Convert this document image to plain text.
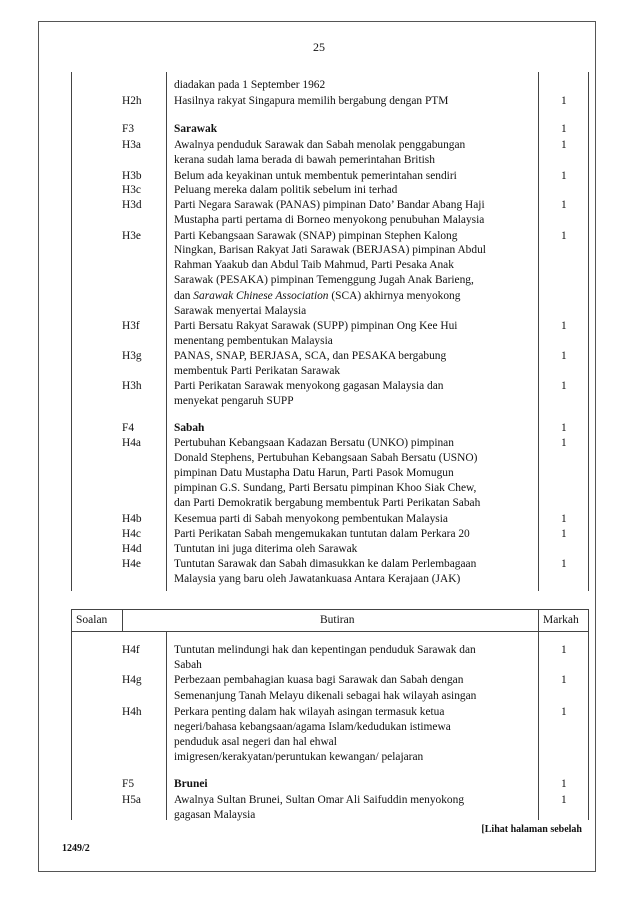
25
Soalan	Butiran	Markah
diadakan pada 1 September 1962
H2h	Hasilnya rakyat Singapura memilih bergabung dengan PTM	1
F3	Sarawak	1
H3a	Awalnya penduduk Sarawak dan Sabah menolak penggabungan	1
kerana sudah lama berada di bawah pemerintahan British
H3b	Belum ada keyakinan untuk membentuk pemerintahan sendiri	1
H3c	Peluang mereka dalam politik sebelum ini terhad
H3d	Parti Negara Sarawak (PANAS) pimpinan Dato’ Bandar Abang Haji	1
Mustapha parti pertama di Borneo menyokong penubuhan Malaysia
H3e	Parti Kebangsaan Sarawak (SNAP) pimpinan Stephen Kalong	1
Ningkan, Barisan Rakyat Jati Sarawak (BERJASA) pimpinan Abdul
Rahman Yaakub dan Abdul Taib Mahmud, Parti Pesaka Anak
Sarawak (PESAKA) pimpinan Temenggung Jugah Anak Barieng,
dan Sarawak Chinese Association (SCA) akhirnya menyokong
Sarawak menyertai Malaysia
H3f	Parti Bersatu Rakyat Sarawak (SUPP) pimpinan Ong Kee Hui	1
menentang pembentukan Malaysia
H3g	PANAS, SNAP, BERJASA, SCA, dan PESAKA bergabung	1
membentuk Parti Perikatan Sarawak
H3h	Parti Perikatan Sarawak menyokong gagasan Malaysia dan	1
menyekat pengaruh SUPP
F4	Sabah	1
H4a	Pertubuhan Kebangsaan Kadazan Bersatu (UNKO) pimpinan	1
Donald Stephens, Pertubuhan Kebangsaan Sabah Bersatu (USNO)
pimpinan Datu Mustapha Datu Harun, Parti Pasok Momugun
pimpinan G.S. Sundang, Parti Bersatu pimpinan Khoo Siak Chew,
dan Parti Demokratik bergabung membentuk Parti Perikatan Sabah
H4b	Kesemua parti di Sabah menyokong pembentukan Malaysia	1
H4c	Parti Perikatan Sabah mengemukakan tuntutan dalam Perkara 20	1
H4d	Tuntutan ini juga diterima oleh Sarawak
H4e	Tuntutan Sarawak dan Sabah dimasukkan ke dalam Perlembagaan	1
Malaysia yang baru oleh Jawatankuasa Antara Kerajaan (JAK)
H4f	Tuntutan melindungi hak dan kepentingan penduduk Sarawak dan	1
Sabah
H4g	Perbezaan pembahagian kuasa bagi Sarawak dan Sabah dengan	1
Semenanjung Tanah Melayu dikenali sebagai hak wilayah asingan
H4h	Perkara penting dalam hak wilayah asingan termasuk ketua	1
negeri/bahasa kebangsaan/agama Islam/kedudukan istimewa
penduduk asal negeri dan hal ehwal
imigresen/kerakyatan/peruntukan kewangan/ pelajaran
F5	Brunei	1
H5a	Awalnya Sultan Brunei, Sultan Omar Ali Saifuddin menyokong	1
gagasan Malaysia
[Lihat halaman sebelah
1249/2
